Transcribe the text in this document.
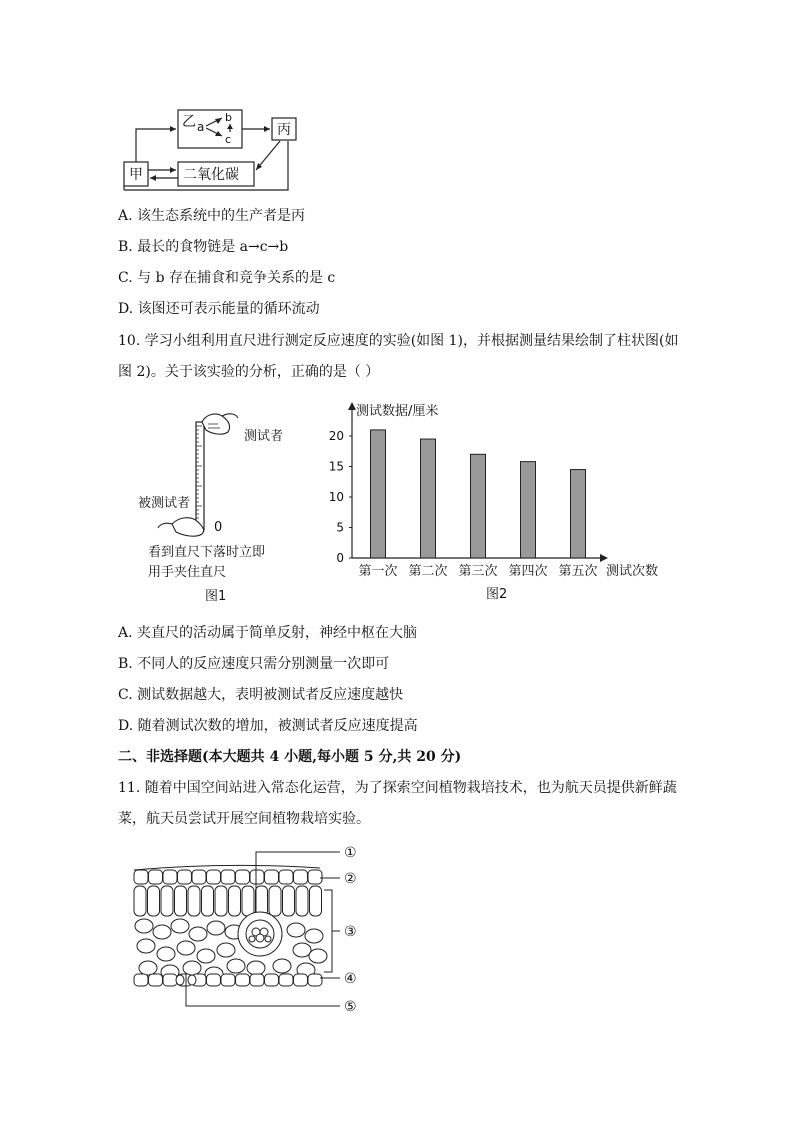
乙 a
b
c
丙
甲	二氧化碳
A. 该生态系统中的生产者是丙
B. 最长的食物链是 a→c→b
C. 与 b 存在捕食和竞争关系的是 c
D. 该图还可表示能量的循环流动
10. 学习小组利用直尺进行测定反应速度的实验(如图 1)，并根据测量结果绘制了柱状图(如
图 2)。关于该实验的分析，正确的是（ ）
测试者
被测试者
0
看到直尺下落时立即
用手夹住直尺
图1
0
5
10
15
20
第一次 第二次 第三次 第四次 第五次
测试数据/厘米
测试次数
图2
A. 夹直尺的活动属于简单反射，神经中枢在大脑
B. 不同人的反应速度只需分别测量一次即可
C. 测试数据越大，表明被测试者反应速度越快
D. 随着测试次数的增加，被测试者反应速度提高
二、非选择题(本大题共 4 小题,每小题 5 分,共 20 分)
11. 随着中国空间站进入常态化运营，为了探索空间植物栽培技术，也为航天员提供新鲜蔬
菜，航天员尝试开展空间植物栽培实验。
①
②
③
④
⑤
